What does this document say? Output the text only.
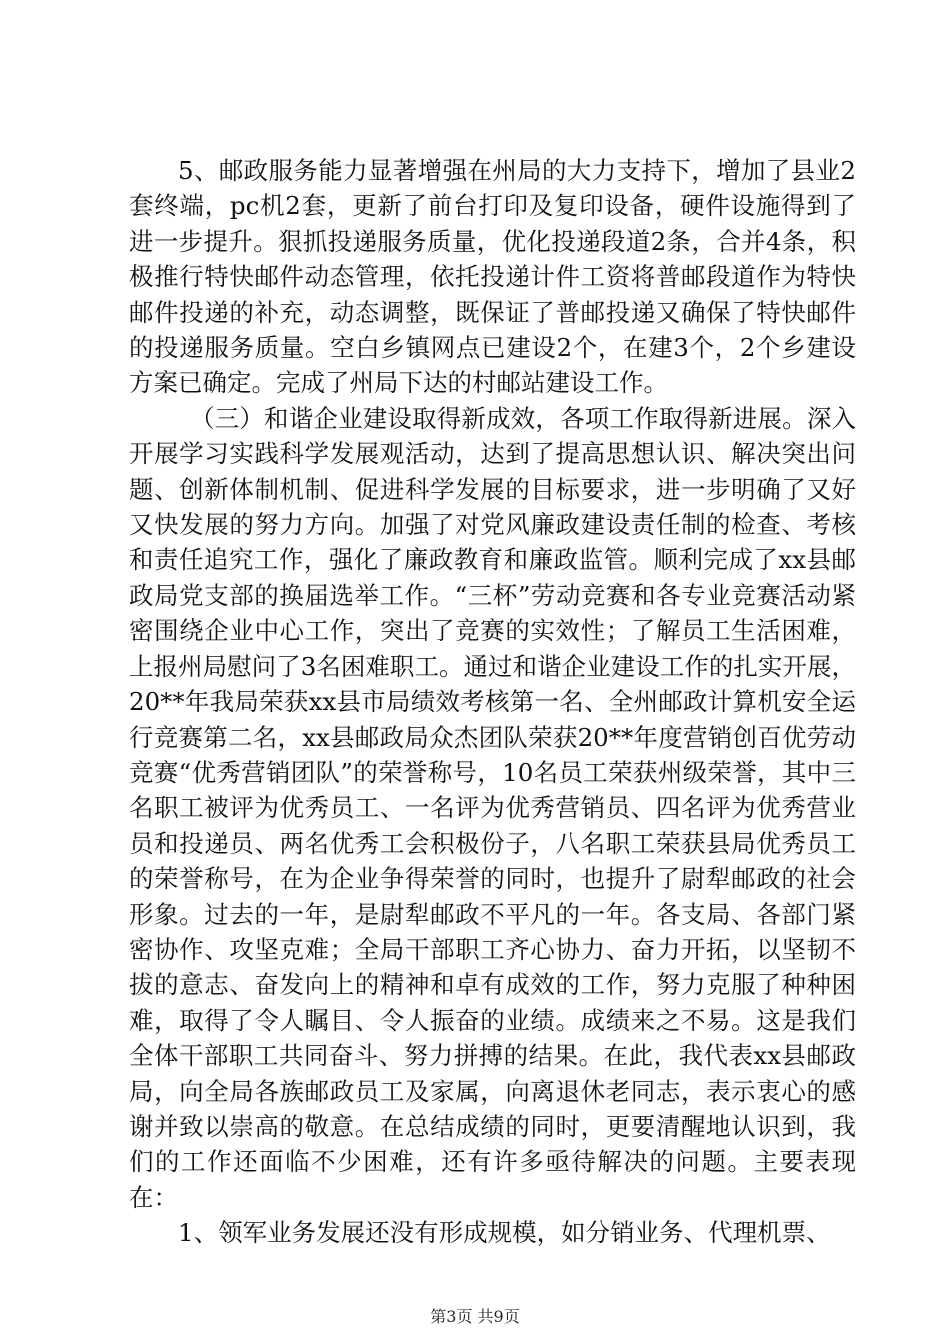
5、邮政服务能力显著增强在州局的大力支持下，增加了县业2套终端，pc机2套，更新了前台打印及复印设备，硬件设施得到了进一步提升。狠抓投递服务质量，优化投递段道2条，合并4条，积极推行特快邮件动态管理，依托投递计件工资将普邮段道作为特快邮件投递的补充，动态调整，既保证了普邮投递又确保了特快邮件的投递服务质量。空白乡镇网点已建设2个，在建3个，2个乡建设方案已确定。完成了州局下达的村邮站建设工作。

（三）和谐企业建设取得新成效，各项工作取得新进展。深入开展学习实践科学发展观活动，达到了提高思想认识、解决突出问题、创新体制机制、促进科学发展的目标要求，进一步明确了又好又快发展的努力方向。加强了对党风廉政建设责任制的检查、考核和责任追究工作，强化了廉政教育和廉政监管。顺利完成了xx县邮政局党支部的换届选举工作。“三杯”劳动竞赛和各专业竞赛活动紧密围绕企业中心工作，突出了竞赛的实效性；了解员工生活困难，上报州局慰问了3名困难职工。通过和谐企业建设工作的扎实开展，20**年我局荣获xx县市局绩效考核第一名、全州邮政计算机安全运行竞赛第二名，xx县邮政局众杰团队荣获20**年度营销创百优劳动竞赛“优秀营销团队”的荣誉称号，10名员工荣获州级荣誉，其中三名职工被评为优秀员工、一名评为优秀营销员、四名评为优秀营业员和投递员、两名优秀工会积极份子，八名职工荣获县局优秀员工的荣誉称号，在为企业争得荣誉的同时，也提升了尉犁邮政的社会形象。过去的一年，是尉犁邮政不平凡的一年。各支局、各部门紧密协作、攻坚克难；全局干部职工齐心协力、奋力开拓，以坚韧不拔的意志、奋发向上的精神和卓有成效的工作，努力克服了种种困难，取得了令人瞩目、令人振奋的业绩。成绩来之不易。这是我们全体干部职工共同奋斗、努力拼搏的结果。在此，我代表xx县邮政局，向全局各族邮政员工及家属，向离退休老同志，表示衷心的感谢并致以崇高的敬意。在总结成绩的同时，更要清醒地认识到，我们的工作还面临不少困难，还有许多亟待解决的问题。主要表现在：

1、领军业务发展还没有形成规模，如分销业务、代理机票、

第3页 共9页
